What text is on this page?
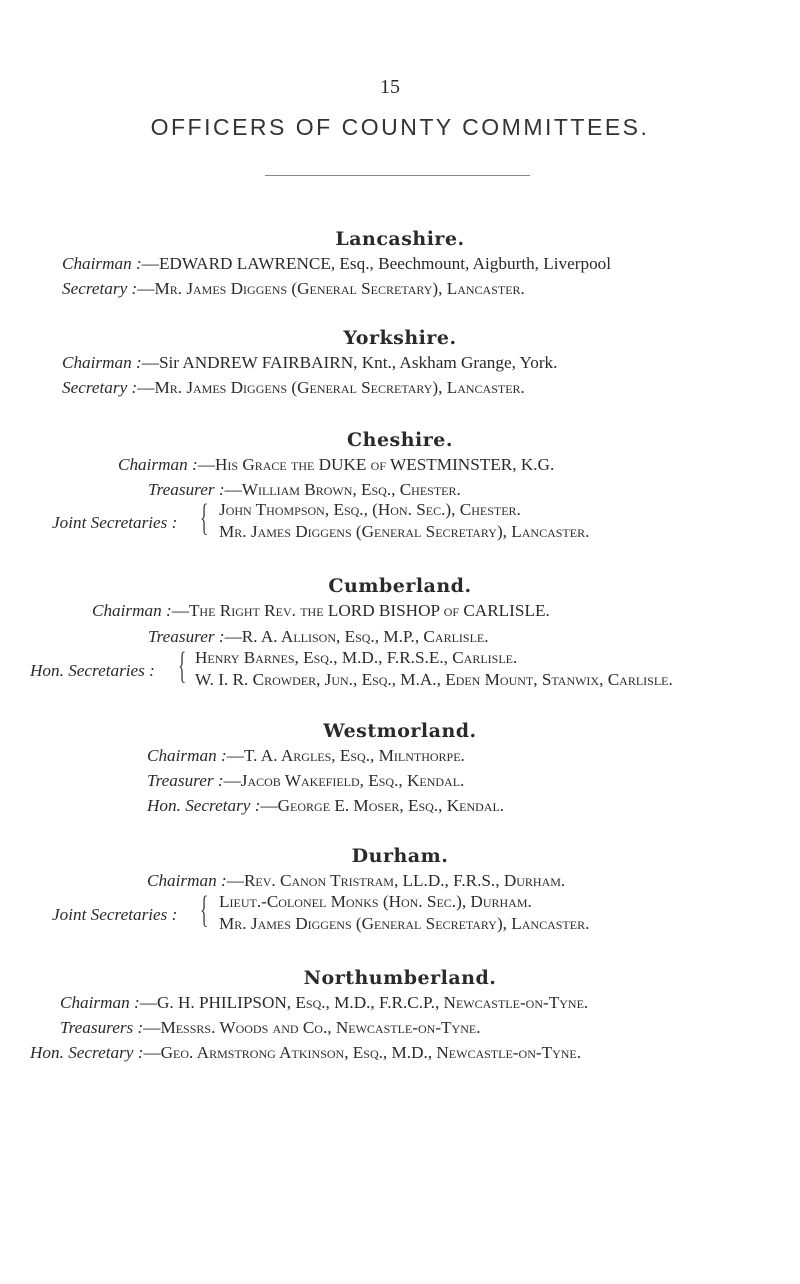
15
OFFICERS OF COUNTY COMMITTEES.
Lancashire.
Chairman :—EDWARD LAWRENCE, Esq., Beechmount, Aigburth, Liverpool
Secretary :—Mr. James Diggens (General Secretary), Lancaster.
Yorkshire.
Chairman :—Sir ANDREW FAIRBAIRN, Knt., Askham Grange, York.
Secretary :—Mr. James Diggens (General Secretary), Lancaster.
Cheshire.
Chairman :—His Grace the DUKE of WESTMINSTER, K.G.
Treasurer :—William Brown, Esq., Chester.
Joint Secretaries : { John Thompson, Esq., (Hon. Sec.), Chester.
Mr. James Diggens (General Secretary), Lancaster.
Cumberland.
Chairman :—The Right Rev. the LORD BISHOP of CARLISLE.
Treasurer :—R. A. Allison, Esq., M.P., Carlisle.
Hon. Secretaries : { Henry Barnes, Esq., M.D., F.R.S.E., Carlisle.
W. I. R. Crowder, Jun., Esq., M.A., Eden Mount, Stanwix, Carlisle.
Westmorland.
Chairman :—T. A. Argles, Esq., Milnthorpe.
Treasurer :—Jacob Wakefield, Esq., Kendal.
Hon. Secretary :—George E. Moser, Esq., Kendal.
Durham.
Chairman :—Rev. Canon Tristram, LL.D., F.R.S., Durham.
Joint Secretaries : { Lieut.-Colonel Monks (Hon. Sec.), Durham.
Mr. James Diggens (General Secretary), Lancaster.
Northumberland.
Chairman :—G. H. PHILIPSON, Esq., M.D., F.R.C.P., Newcastle-on-Tyne.
Treasurers :—Messrs. Woods and Co., Newcastle-on-Tyne.
Hon. Secretary :—Geo. Armstrong Atkinson, Esq., M.D., Newcastle-on-Tyne.
